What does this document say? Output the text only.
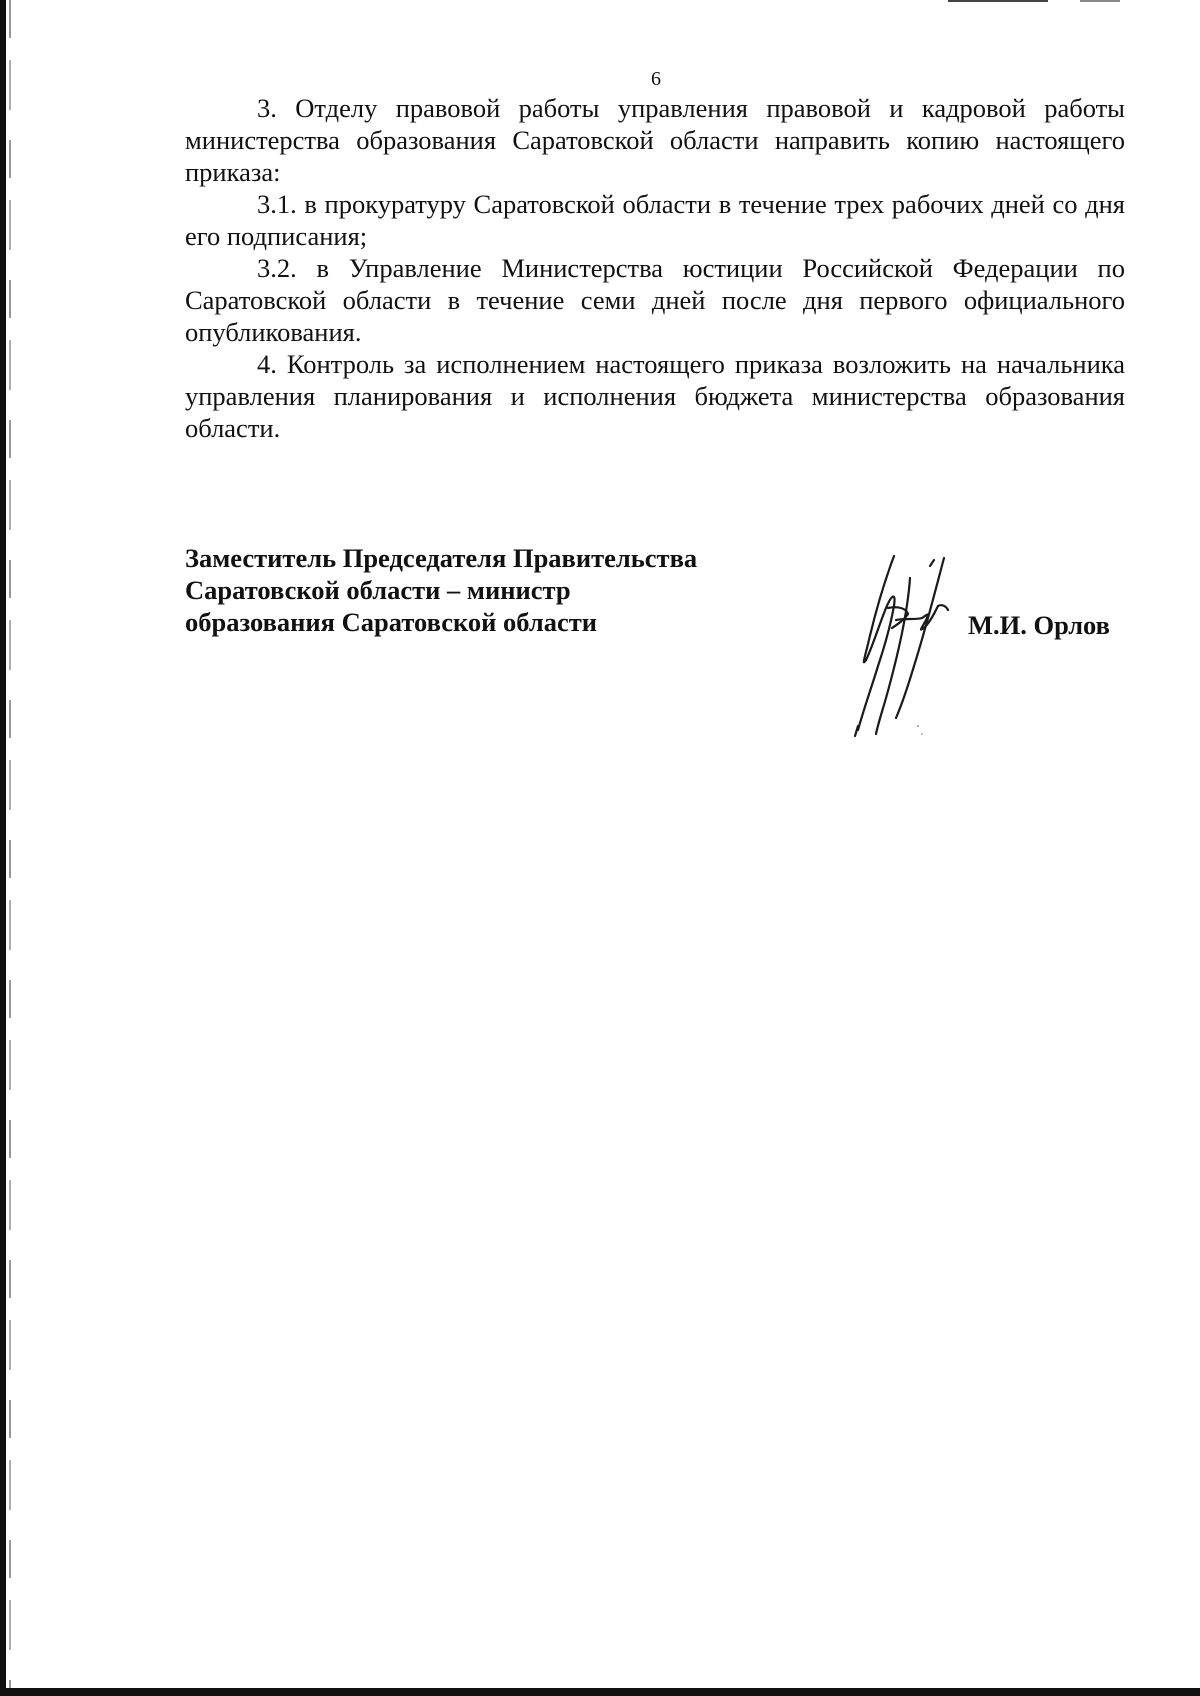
6

3. Отделу правовой работы управления правовой и кадровой работы министерства образования Саратовской области направить копию настоящего приказа:

3.1. в прокуратуру Саратовской области в течение трех рабочих дней со дня его подписания;

3.2. в Управление Министерства юстиции Российской Федерации по Саратовской области в течение семи дней после дня первого официального опубликования.

4. Контроль за исполнением настоящего приказа возложить на начальника управления планирования и исполнения бюджета министерства образования области.

Заместитель Председателя Правительства
Саратовской области – министр
образования Саратовской области	М.И. Орлов
